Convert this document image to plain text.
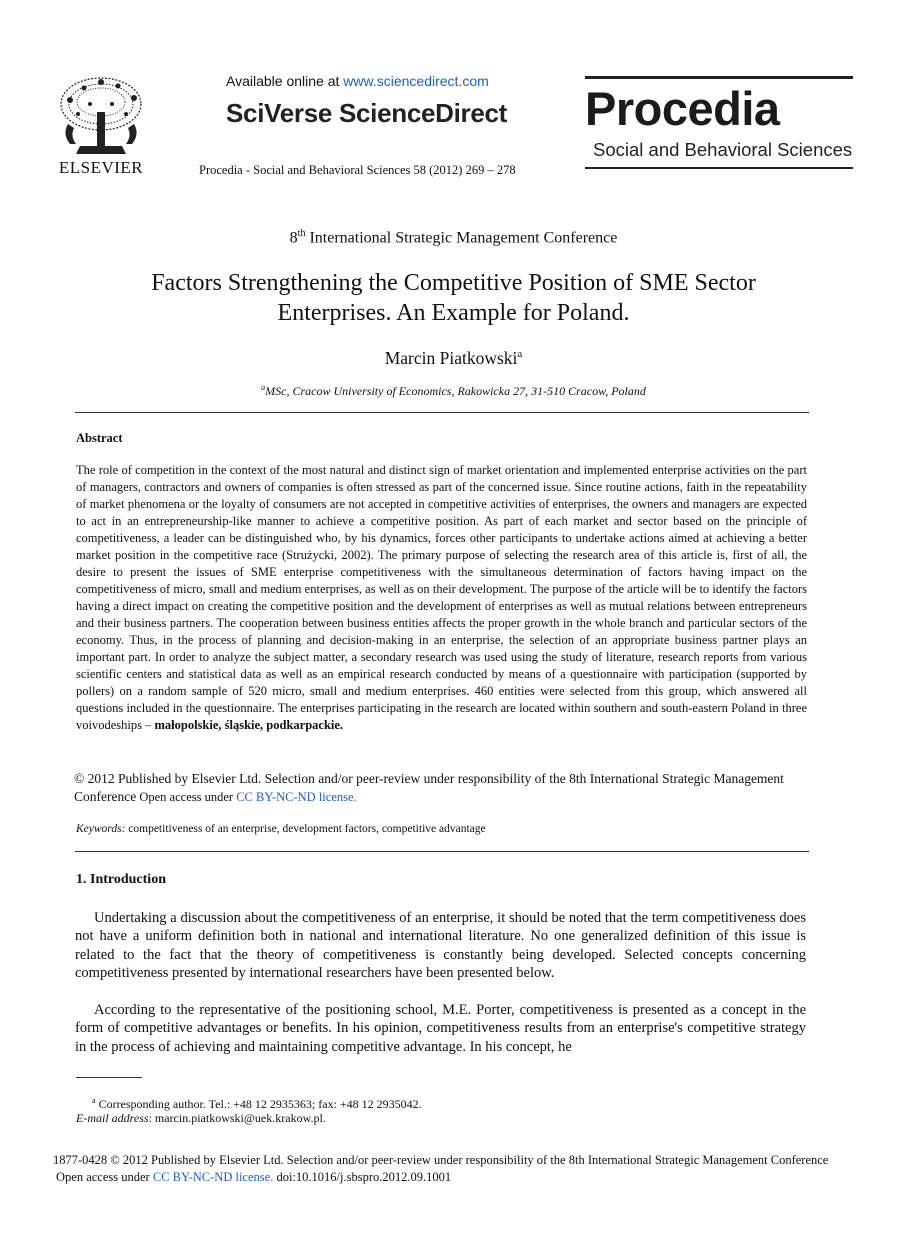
ELSEVIER
Available online at www.sciencedirect.com
SciVerse ScienceDirect
Procedia - Social and Behavioral Sciences 58 (2012) 269 – 278
Procedia
Social and Behavioral Sciences
8th International Strategic Management Conference
Factors Strengthening the Competitive Position of SME Sector
Enterprises. An Example for Poland.
Marcin Piatkowski$^a$
$^a$MSc, Cracow University of Economics, Rakowicka 27, 31-510 Cracow, Poland
Abstract
The role of competition in the context of the most natural and distinct sign of market orientation and implemented enterprise activities on the part of managers, contractors and owners of companies is often stressed as part of the concerned issue. Since routine actions, faith in the repeatability of market phenomena or the loyalty of consumers are not accepted in competitive activities of enterprises, the owners and managers are expected to act in an entrepreneurship-like manner to achieve a competitive position. As part of each market and sector based on the principle of competitiveness, a leader can be distinguished who, by his dynamics, forces other participants to undertake actions aimed at achieving a better market position in the competitive race (Strużycki, 2002). The primary purpose of selecting the research area of this article is, first of all, the desire to present the issues of SME enterprise competitiveness with the simultaneous determination of factors having impact on the competitiveness of micro, small and medium enterprises, as well as on their development. The purpose of the article will be to identify the factors having a direct impact on creating the competitive position and the development of enterprises as well as mutual relations between entrepreneurs and their business partners. The cooperation between business entities affects the proper growth in the whole branch and particular sectors of the economy. Thus, in the process of planning and decision-making in an enterprise, the selection of an appropriate business partner plays an important part. In order to analyze the subject matter, a secondary research was used using the study of literature, research reports from various scientific centers and statistical data as well as an empirical research conducted by means of a questionnaire with participation (supported by pollers) on a random sample of 520 micro, small and medium enterprises. 460 entities were selected from this group, which answered all questions included in the questionnaire. The enterprises participating in the research are located within southern and south-eastern Poland in three voivodeships – małopolskie, śląskie, podkarpackie.
© 2012 Published by Elsevier Ltd. Selection and/or peer-review under responsibility of the 8th International Strategic Management Conference Open access under CC BY-NC-ND license.
Keywords: competitiveness of an enterprise, development factors, competitive advantage
1. Introduction
Undertaking a discussion about the competitiveness of an enterprise, it should be noted that the term competitiveness does not have a uniform definition both in national and international literature. No one generalized definition of this issue is related to the fact that the theory of competitiveness is constantly being developed. Selected concepts concerning competitiveness presented by international researchers have been presented below.
According to the representative of the positioning school, M.E. Porter, competitiveness is presented as a concept in the form of competitive advantages or benefits. In his opinion, competitiveness results from an enterprise's competitive strategy in the process of achieving and maintaining competitive advantage. In his concept, he
$^a$ Corresponding author. Tel.: +48 12 2935363; fax: +48 12 2935042.
E-mail address: marcin.piatkowski@uek.krakow.pl.
1877-0428 © 2012 Published by Elsevier Ltd. Selection and/or peer-review under responsibility of the 8th International Strategic Management Conference
Open access under CC BY-NC-ND license. doi:10.1016/j.sbspro.2012.09.1001
